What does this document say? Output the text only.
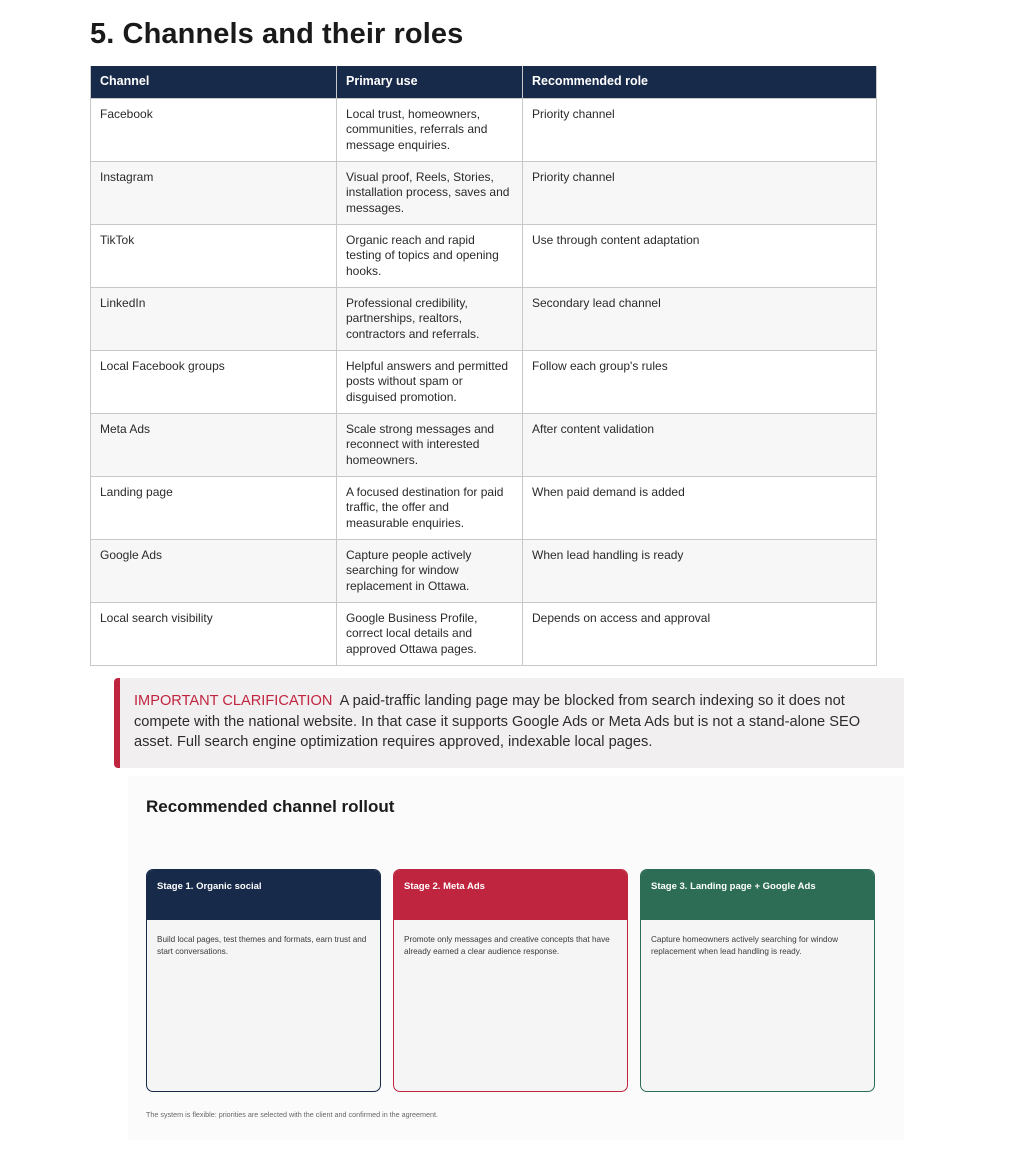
5. Channels and their roles
Channel	Primary use	Recommended role
Facebook	Local trust, homeowners, communities, referrals and message enquiries.	Priority channel
Instagram	Visual proof, Reels, Stories, installation process, saves and messages.	Priority channel
TikTok	Organic reach and rapid testing of topics and opening hooks.	Use through content adaptation
LinkedIn	Professional credibility, partnerships, realtors, contractors and referrals.	Secondary lead channel
Local Facebook groups	Helpful answers and permitted posts without spam or disguised promotion.	Follow each group's rules
Meta Ads	Scale strong messages and reconnect with interested homeowners.	After content validation
Landing page	A focused destination for paid traffic, the offer and measurable enquiries.	When paid demand is added
Google Ads	Capture people actively searching for window replacement in Ottawa.	When lead handling is ready
Local search visibility	Google Business Profile, correct local details and approved Ottawa pages.	Depends on access and approval
IMPORTANT CLARIFICATION A paid-traffic landing page may be blocked from search indexing so it does not compete with the national website. In that case it supports Google Ads or Meta Ads but is not a stand-alone SEO asset. Full search engine optimization requires approved, indexable local pages.
Recommended channel rollout
Stage 1. Organic social
Build local pages, test themes and formats, earn trust and start conversations.
Stage 2. Meta Ads
Promote only messages and creative concepts that have already earned a clear audience response.
Stage 3. Landing page + Google Ads
Capture homeowners actively searching for window replacement when lead handling is ready.

The system is flexible: priorities are selected with the client and confirmed in the agreement.
